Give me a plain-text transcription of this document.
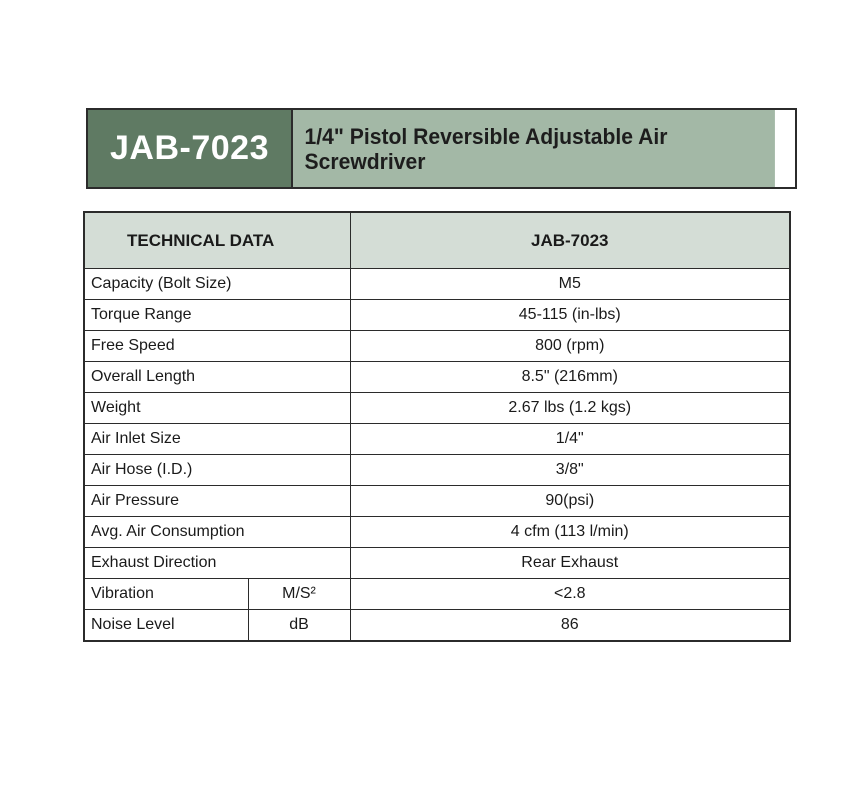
JAB-7023	1/4" Pistol Reversible Adjustable Air
Screwdriver
TECHNICAL DATA		JAB-7023
Capacity (Bolt Size)		M5
Torque Range		45-115 (in-lbs)
Free Speed		800 (rpm)
Overall Length		8.5" (216mm)
Weight		2.67 lbs (1.2 kgs)
Air Inlet Size		1/4"
Air Hose (I.D.)		3/8"
Air Pressure		90(psi)
Avg. Air Consumption		4 cfm (113 l/min)
Exhaust Direction		Rear Exhaust
Vibration	M/S²	<2.8
Noise Level	dB	86
